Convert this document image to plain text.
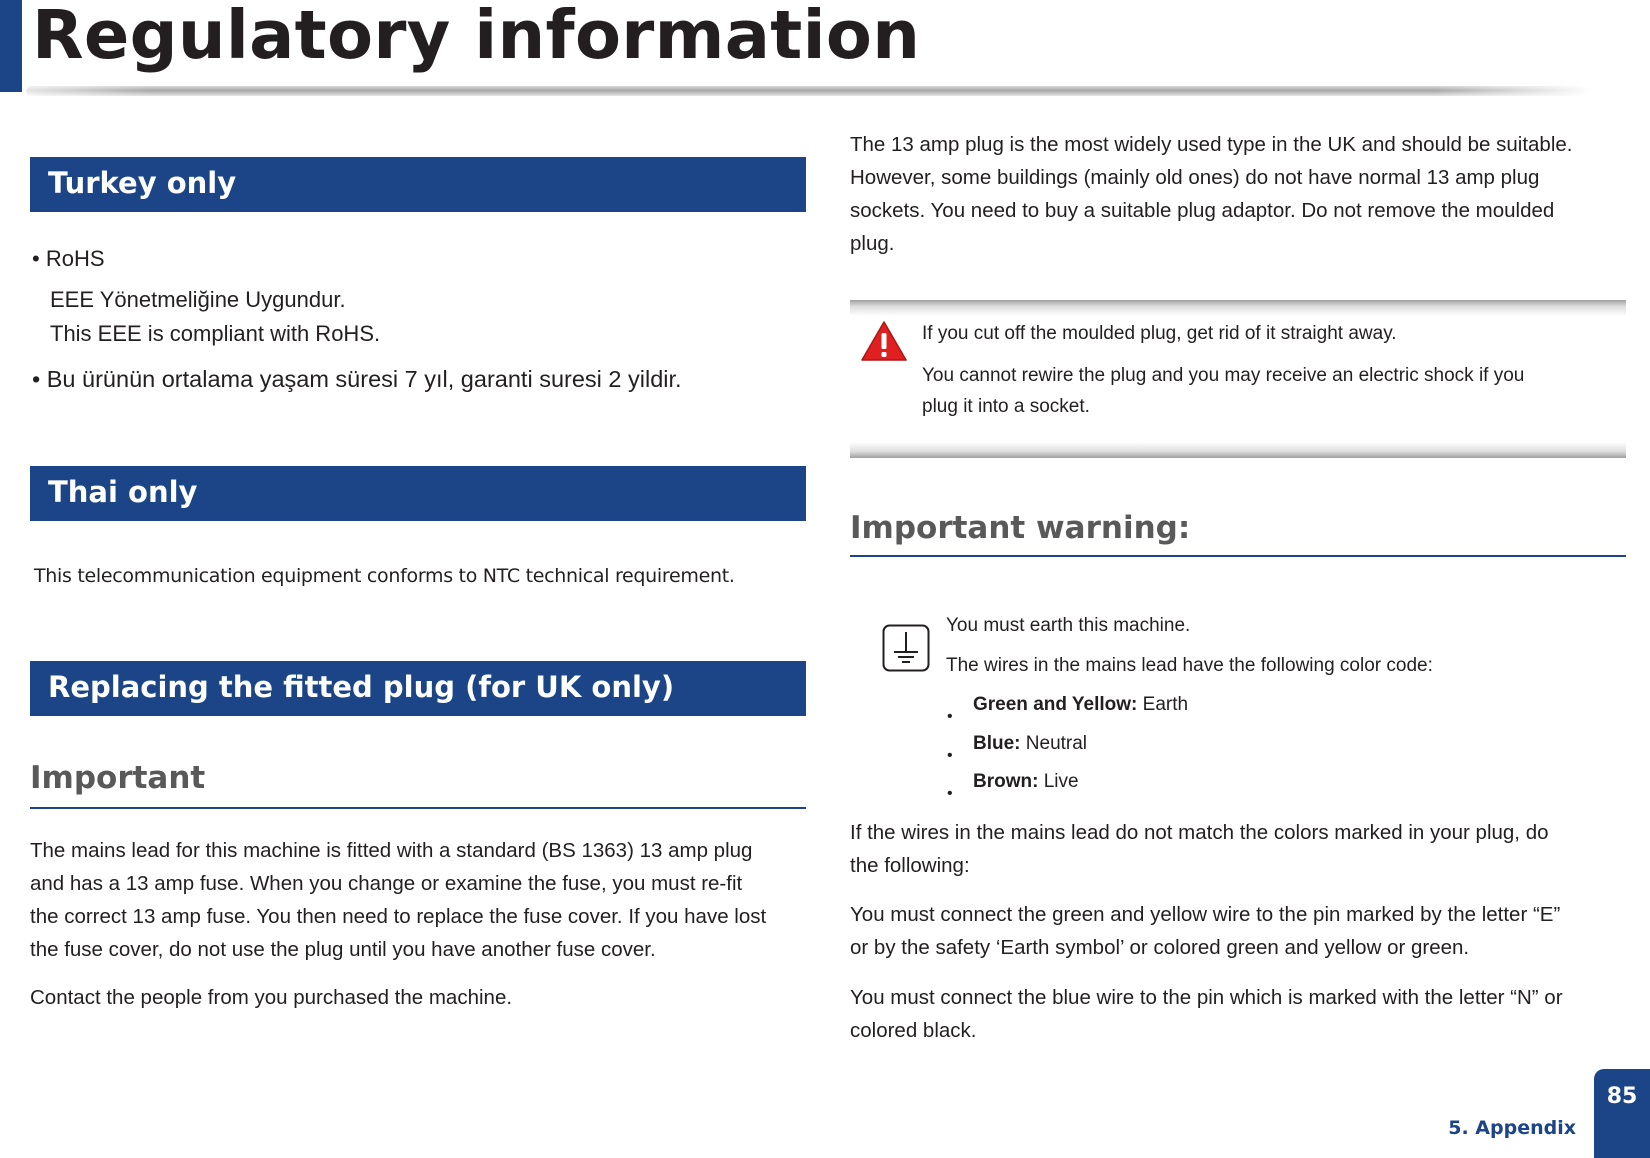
Regulatory information
Turkey only
• RoHS
EEE Yönetmeliğine Uygundur.
This EEE is compliant with RoHS.
• Bu ürünün ortalama yaşam süresi 7 yıl, garanti suresi 2 yildir.
Thai only
This telecommunication equipment conforms to NTC technical requirement.
Replacing the fitted plug (for UK only)
Important
The mains lead for this machine is fitted with a standard (BS 1363) 13 amp plug
and has a 13 amp fuse. When you change or examine the fuse, you must re-fit
the correct 13 amp fuse. You then need to replace the fuse cover. If you have lost
the fuse cover, do not use the plug until you have another fuse cover.
Contact the people from you purchased the machine.
The 13 amp plug is the most widely used type in the UK and should be suitable.
However, some buildings (mainly old ones) do not have normal 13 amp plug
sockets. You need to buy a suitable plug adaptor. Do not remove the moulded
plug.
If you cut off the moulded plug, get rid of it straight away.
You cannot rewire the plug and you may receive an electric shock if you
plug it into a socket.
Important warning:
You must earth this machine.
The wires in the mains lead have the following color code:
•
Green and Yellow: Earth
•
Blue: Neutral
•
Brown: Live
If the wires in the mains lead do not match the colors marked in your plug, do
the following:
You must connect the green and yellow wire to the pin marked by the letter “E”
or by the safety ‘Earth symbol’ or colored green and yellow or green.
You must connect the blue wire to the pin which is marked with the letter “N” or
colored black.
5. Appendix
85
